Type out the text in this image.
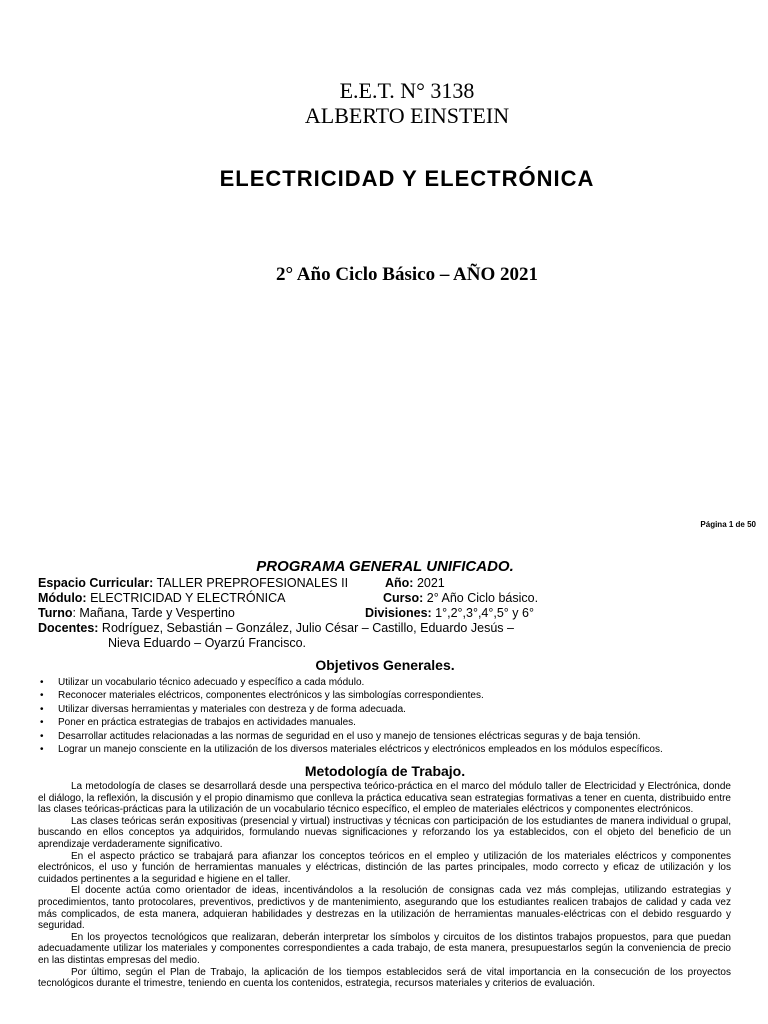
E.E.T. N° 3138
ALBERTO EINSTEIN
ELECTRICIDAD Y ELECTRÓNICA
2° Año Ciclo Básico – AÑO 2021
Página 1 de 50
PROGRAMA GENERAL UNIFICADO.
Espacio Curricular: TALLER PREPROFESIONALES II	Año: 2021
Módulo: ELECTRICIDAD Y ELECTRÓNICA	Curso: 2° Año Ciclo básico.
Turno: Mañana, Tarde y Vespertino	Divisiones: 1°,2°,3°,4°,5° y 6°
Docentes: Rodríguez, Sebastián – González, Julio César – Castillo, Eduardo Jesús –
Nieva Eduardo – Oyarzú Francisco.
Objetivos Generales.
• Utilizar un vocabulario técnico adecuado y específico a cada módulo.
• Reconocer materiales eléctricos, componentes electrónicos y las simbologías correspondientes.
• Utilizar diversas herramientas y materiales con destreza y de forma adecuada.
• Poner en práctica estrategias de trabajos en actividades manuales.
• Desarrollar actitudes relacionadas a las normas de seguridad en el uso y manejo de tensiones eléctricas seguras y de baja tensión.
• Lograr un manejo consciente en la utilización de los diversos materiales eléctricos y electrónicos empleados en los módulos específicos.
Metodología de Trabajo.

La metodología de clases se desarrollará desde una perspectiva teórico-práctica en el marco del módulo taller de Electricidad y Electrónica, donde el diálogo, la reflexión, la discusión y el propio dinamismo que conlleva la práctica educativa sean estrategias formativas a tener en cuenta, distribuido entre las clases teóricas-prácticas para la utilización de un vocabulario técnico específico, el empleo de materiales eléctricos y componentes electrónicos.

Las clases teóricas serán expositivas (presencial y virtual) instructivas y técnicas con participación de los estudiantes de manera individual o grupal, buscando en ellos conceptos ya adquiridos, formulando nuevas significaciones y reforzando los ya establecidos, con el objeto del beneficio de un aprendizaje verdaderamente significativo.

En el aspecto práctico se trabajará para afianzar los conceptos teóricos en el empleo y utilización de los materiales eléctricos y componentes electrónicos, el uso y función de herramientas manuales y eléctricas, distinción de las partes principales, modo correcto y eficaz de utilización y los cuidados pertinentes a la seguridad e higiene en el taller.

El docente actúa como orientador de ideas, incentivándolos a la resolución de consignas cada vez más complejas, utilizando estrategias y procedimientos, tanto protocolares, preventivos, predictivos y de mantenimiento, asegurando que los estudiantes realicen trabajos de calidad y cada vez más complicados, de esta manera, adquieran habilidades y destrezas en la utilización de herramientas manuales-eléctricas con el debido resguardo y seguridad.

En los proyectos tecnológicos que realizaran, deberán interpretar los símbolos y circuitos de los distintos trabajos propuestos, para que puedan adecuadamente utilizar los materiales y componentes correspondientes a cada trabajo, de esta manera, presupuestarlos según la conveniencia de precio en las distintas empresas del medio.

Por último, según el Plan de Trabajo, la aplicación de los tiempos establecidos será de vital importancia en la consecución de los proyectos tecnológicos durante el trimestre, teniendo en cuenta los contenidos, estrategia, recursos materiales y criterios de evaluación.
